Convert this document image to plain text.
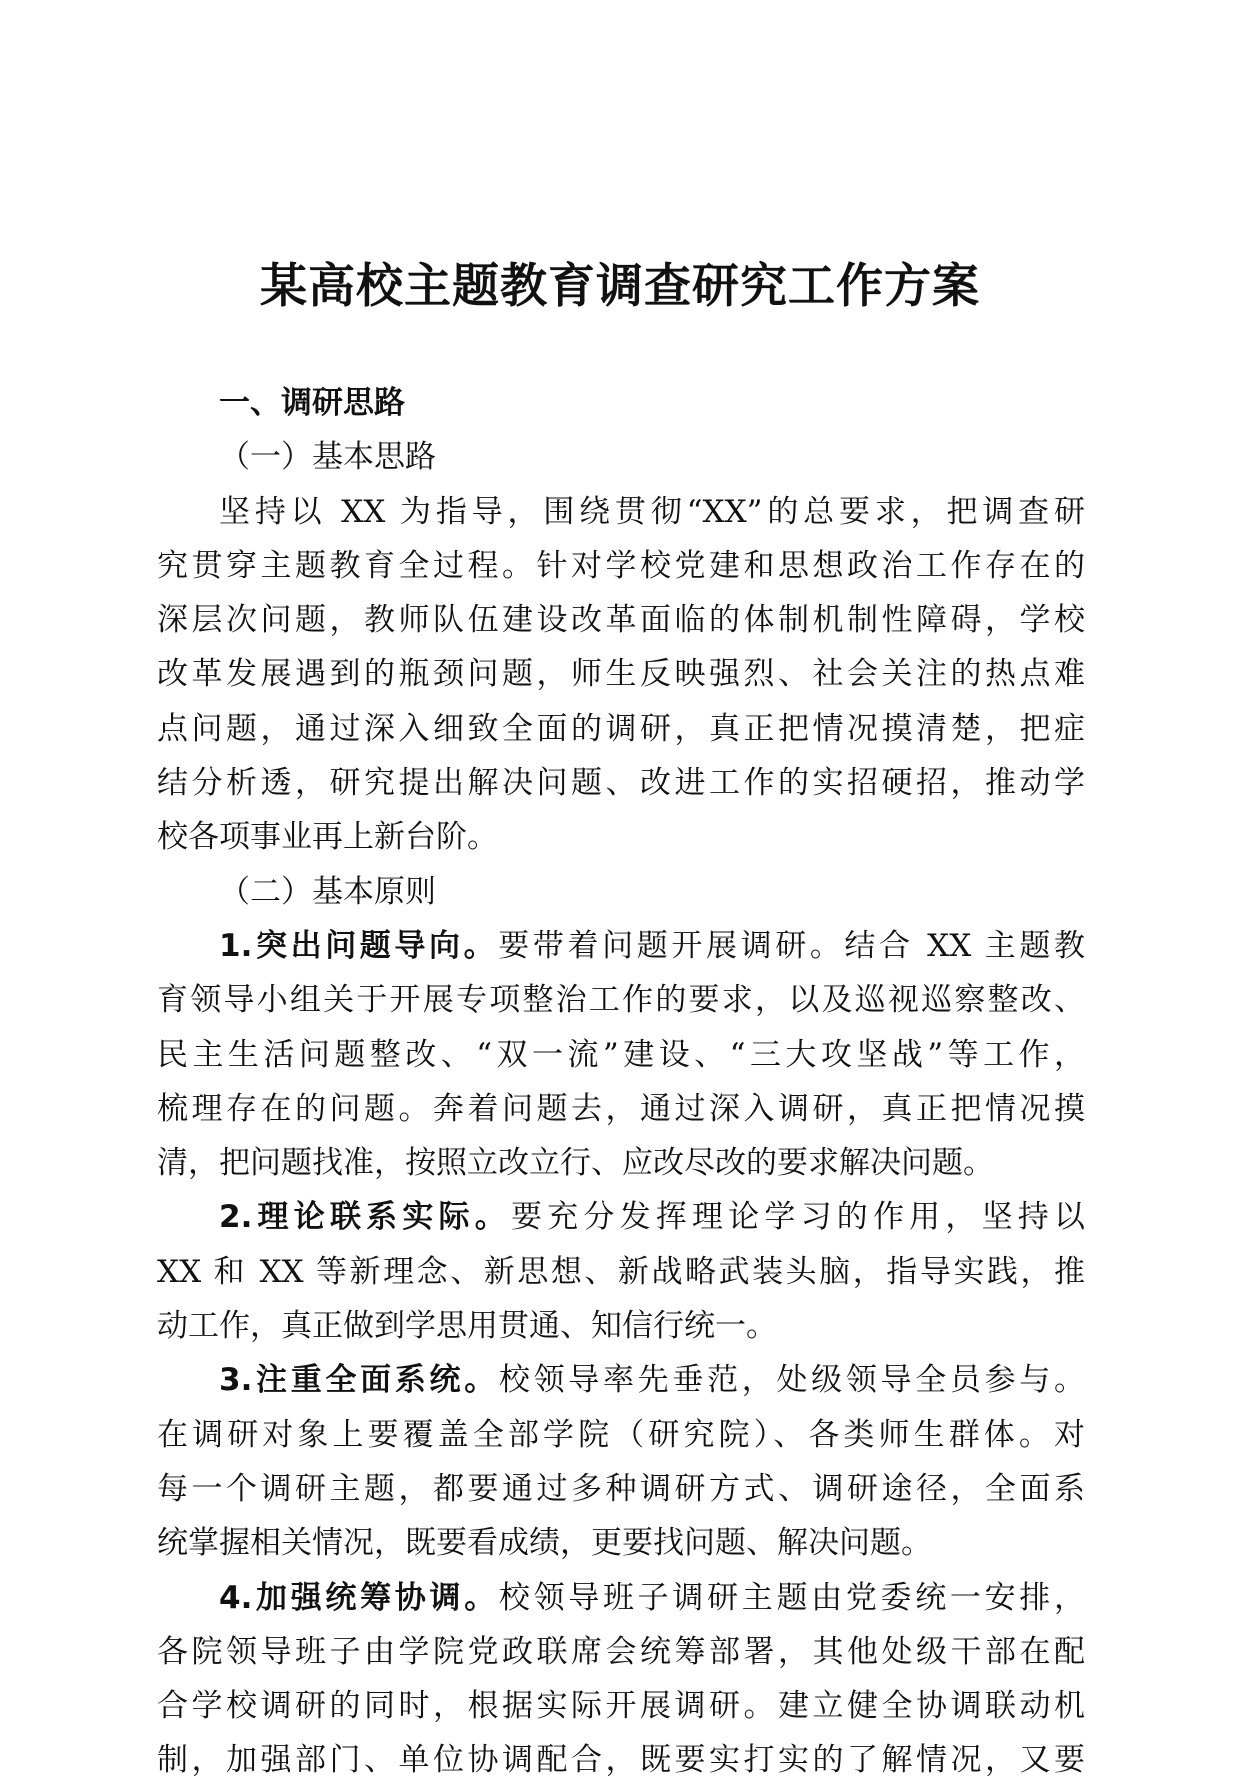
某高校主题教育调查研究工作方案
一、调研思路
（一）基本思路
坚持以 XX 为指导，围绕贯彻“XX”的总要求，把调查研
究贯穿主题教育全过程。针对学校党建和思想政治工作存在的
深层次问题，教师队伍建设改革面临的体制机制性障碍，学校
改革发展遇到的瓶颈问题，师生反映强烈、社会关注的热点难
点问题，通过深入细致全面的调研，真正把情况摸清楚，把症
结分析透，研究提出解决问题、改进工作的实招硬招，推动学
校各项事业再上新台阶。
（二）基本原则
1.突出问题导向。要带着问题开展调研。结合 XX 主题教
育领导小组关于开展专项整治工作的要求，以及巡视巡察整改、
民主生活问题整改、“双一流”建设、“三大攻坚战”等工作，
梳理存在的问题。奔着问题去，通过深入调研，真正把情况摸
清，把问题找准，按照立改立行、应改尽改的要求解决问题。
2.理论联系实际。要充分发挥理论学习的作用，坚持以
XX 和 XX 等新理念、新思想、新战略武装头脑，指导实践，推
动工作，真正做到学思用贯通、知信行统一。
3.注重全面系统。校领导率先垂范，处级领导全员参与。
在调研对象上要覆盖全部学院（研究院）、各类师生群体。对
每一个调研主题，都要通过多种调研方式、调研途径，全面系
统掌握相关情况，既要看成绩，更要找问题、解决问题。
4.加强统筹协调。校领导班子调研主题由党委统一安排，
各院领导班子由学院党政联席会统筹部署，其他处级干部在配
合学校调研的同时，根据实际开展调研。建立健全协调联动机
制，加强部门、单位协调配合，既要实打实的了解情况，又要
